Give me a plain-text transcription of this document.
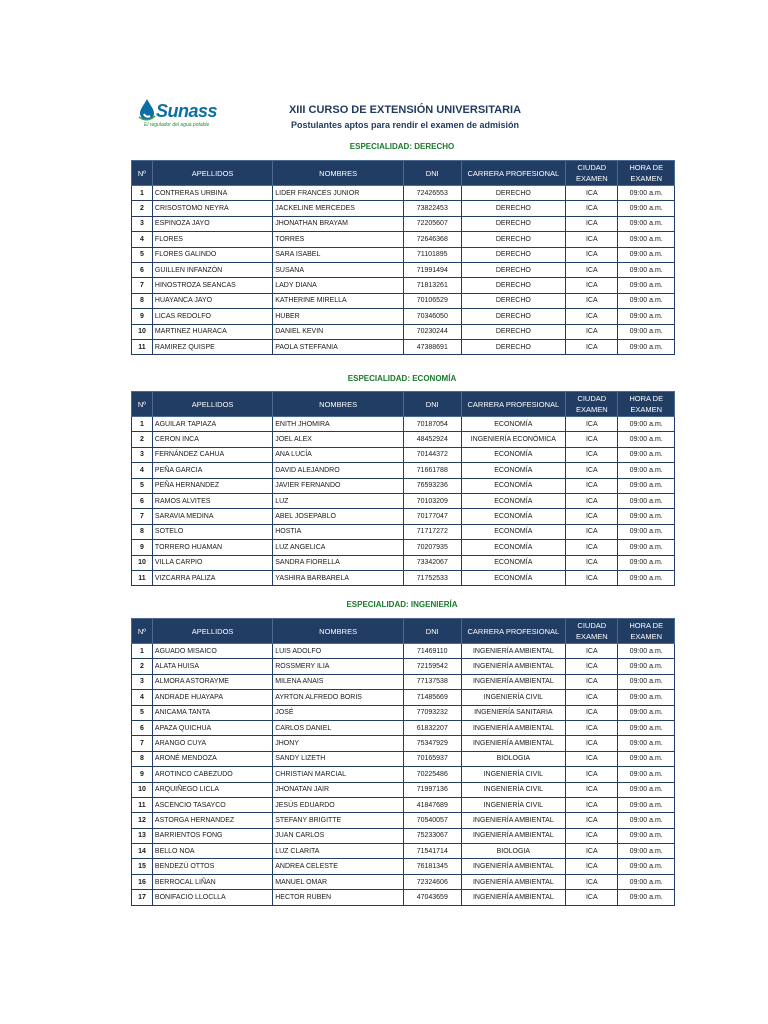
Sunass
El regulador del agua potable
XIII CURSO DE EXTENSIÓN UNIVERSITARIA
Postulantes aptos para rendir el examen de admisión
ESPECIALIDAD: DERECHO
Nº	APELLIDOS	NOMBRES	DNI	CARRERA PROFESIONAL	CIUDAD EXAMEN	HORA DE EXAMEN
1	CONTRERAS URBINA	LIDER FRANCES JUNIOR	72426553	DERECHO	ICA	09:00 a.m.
2	CRISOSTOMO NEYRA	JACKELINE MERCEDES	73822453	DERECHO	ICA	09:00 a.m.
3	ESPINOZA JAYO	JHONATHAN BRAYAM	72205607	DERECHO	ICA	09:00 a.m.
4	FLORES	TORRES	72646368	DERECHO	ICA	09:00 a.m.
5	FLORES GALINDO	SARA ISABEL	71101895	DERECHO	ICA	09:00 a.m.
6	GUILLEN INFANZÓN	SUSANA	71991494	DERECHO	ICA	09:00 a.m.
7	HINOSTROZA SEANCAS	LADY DIANA	71813261	DERECHO	ICA	09:00 a.m.
8	HUAYANCA JAYO	KATHERINE MIRELLA	70106529	DERECHO	ICA	09:00 a.m.
9	LICAS REDOLFO	HUBER	70346050	DERECHO	ICA	09:00 a.m.
10	MARTINEZ HUARACA	DANIEL KEVIN	70230244	DERECHO	ICA	09:00 a.m.
11	RAMIREZ QUISPE	PAOLA STEFFANIA	47388691	DERECHO	ICA	09:00 a.m.
ESPECIALIDAD: ECONOMÍA
Nº	APELLIDOS	NOMBRES	DNI	CARRERA PROFESIONAL	CIUDAD EXAMEN	HORA DE EXAMEN
1	AGUILAR TAPIAZA	ENITH JHOMIRA	70187054	ECONOMÍA	ICA	09:00 a.m.
2	CERON INCA	JOEL ALEX	48452924	INGENIERÍA ECONÓMICA	ICA	09:00 a.m.
3	FERNÁNDEZ CAHUA	ANA LUCÍA	70144372	ECONOMÍA	ICA	09:00 a.m.
4	PEÑA GARCIA	DAVID ALEJANDRO	71661788	ECONOMÍA	ICA	09:00 a.m.
5	PEÑA HERNANDEZ	JAVIER FERNANDO	76593236	ECONOMÍA	ICA	09:00 a.m.
6	RAMOS ALVITES	LUZ	70103209	ECONOMÍA	ICA	09:00 a.m.
7	SARAVIA MEDINA	ABEL JOSEPABLO	70177047	ECONOMÍA	ICA	09:00 a.m.
8	SOTELO	HOSTIA	71717272	ECONOMÍA	ICA	09:00 a.m.
9	TORRERO HUAMAN	LUZ ANGELICA	70207935	ECONOMÍA	ICA	09:00 a.m.
10	VILLA CARPIO	SANDRA FIORELLA	73342067	ECONOMÍA	ICA	09:00 a.m.
11	VIZCARRA PALIZA	YASHIRA BARBARELA	71752533	ECONOMÍA	ICA	09:00 a.m.
ESPECIALIDAD: INGENIERÍA
Nº	APELLIDOS	NOMBRES	DNI	CARRERA PROFESIONAL	CIUDAD EXAMEN	HORA DE EXAMEN
1	AGUADO MISAICO	LUIS ADOLFO	71469110	INGENIERÍA AMBIENTAL	ICA	09:00 a.m.
2	ALATA HUISA	ROSSMERY ILIA	72159542	INGENIERÍA AMBIENTAL	ICA	09:00 a.m.
3	ALMORA ASTORAYME	MILENA ANAIS	77137538	INGENIERÍA AMBIENTAL	ICA	09:00 a.m.
4	ANDRADE HUAYAPA	AYRTON ALFREDO BORIS	71485669	INGENIERÍA CIVIL	ICA	09:00 a.m.
5	ANICAMA TANTA	JOSÉ	77093232	INGENIERÍA SANITARIA	ICA	09:00 a.m.
6	APAZA QUICHUA	CARLOS DANIEL	61832207	INGENIERÍA AMBIENTAL	ICA	09:00 a.m.
7	ARANGO CUYA	JHONY	75347929	INGENIERÍA AMBIENTAL	ICA	09:00 a.m.
8	ARONÉ MENDOZA	SANDY LIZETH	70165937	BIOLOGIA	ICA	09:00 a.m.
9	AROTINCO CABEZUDO	CHRISTIAN MARCIAL	70225486	INGENIERÍA CIVIL	ICA	09:00 a.m.
10	ARQUIÑEGO LICLA	JHONATAN JAIR	71997136	INGENIERÍA CIVIL	ICA	09:00 a.m.
11	ASCENCIO TASAYCO	JESÚS EDUARDO	41847689	INGENIERÍA CIVIL	ICA	09:00 a.m.
12	ASTORGA HERNANDEZ	STEFANY BRIGITTE	70540057	INGENIERÍA AMBIENTAL	ICA	09:00 a.m.
13	BARRIENTOS FONG	JUAN CARLOS	75233067	INGENIERÍA AMBIENTAL	ICA	09:00 a.m.
14	BELLO NOA	LUZ CLARITA	71541714	BIOLOGIA	ICA	09:00 a.m.
15	BENDEZÚ OTTOS	ANDREA CELESTE	76181345	INGENIERÍA AMBIENTAL	ICA	09:00 a.m.
16	BERROCAL LIÑAN	MANUEL OMAR	72324606	INGENIERÍA AMBIENTAL	ICA	09:00 a.m.
17	BONIFACIO LLOCLLA	HECTOR RUBEN	47043659	INGENIERÍA AMBIENTAL	ICA	09:00 a.m.
